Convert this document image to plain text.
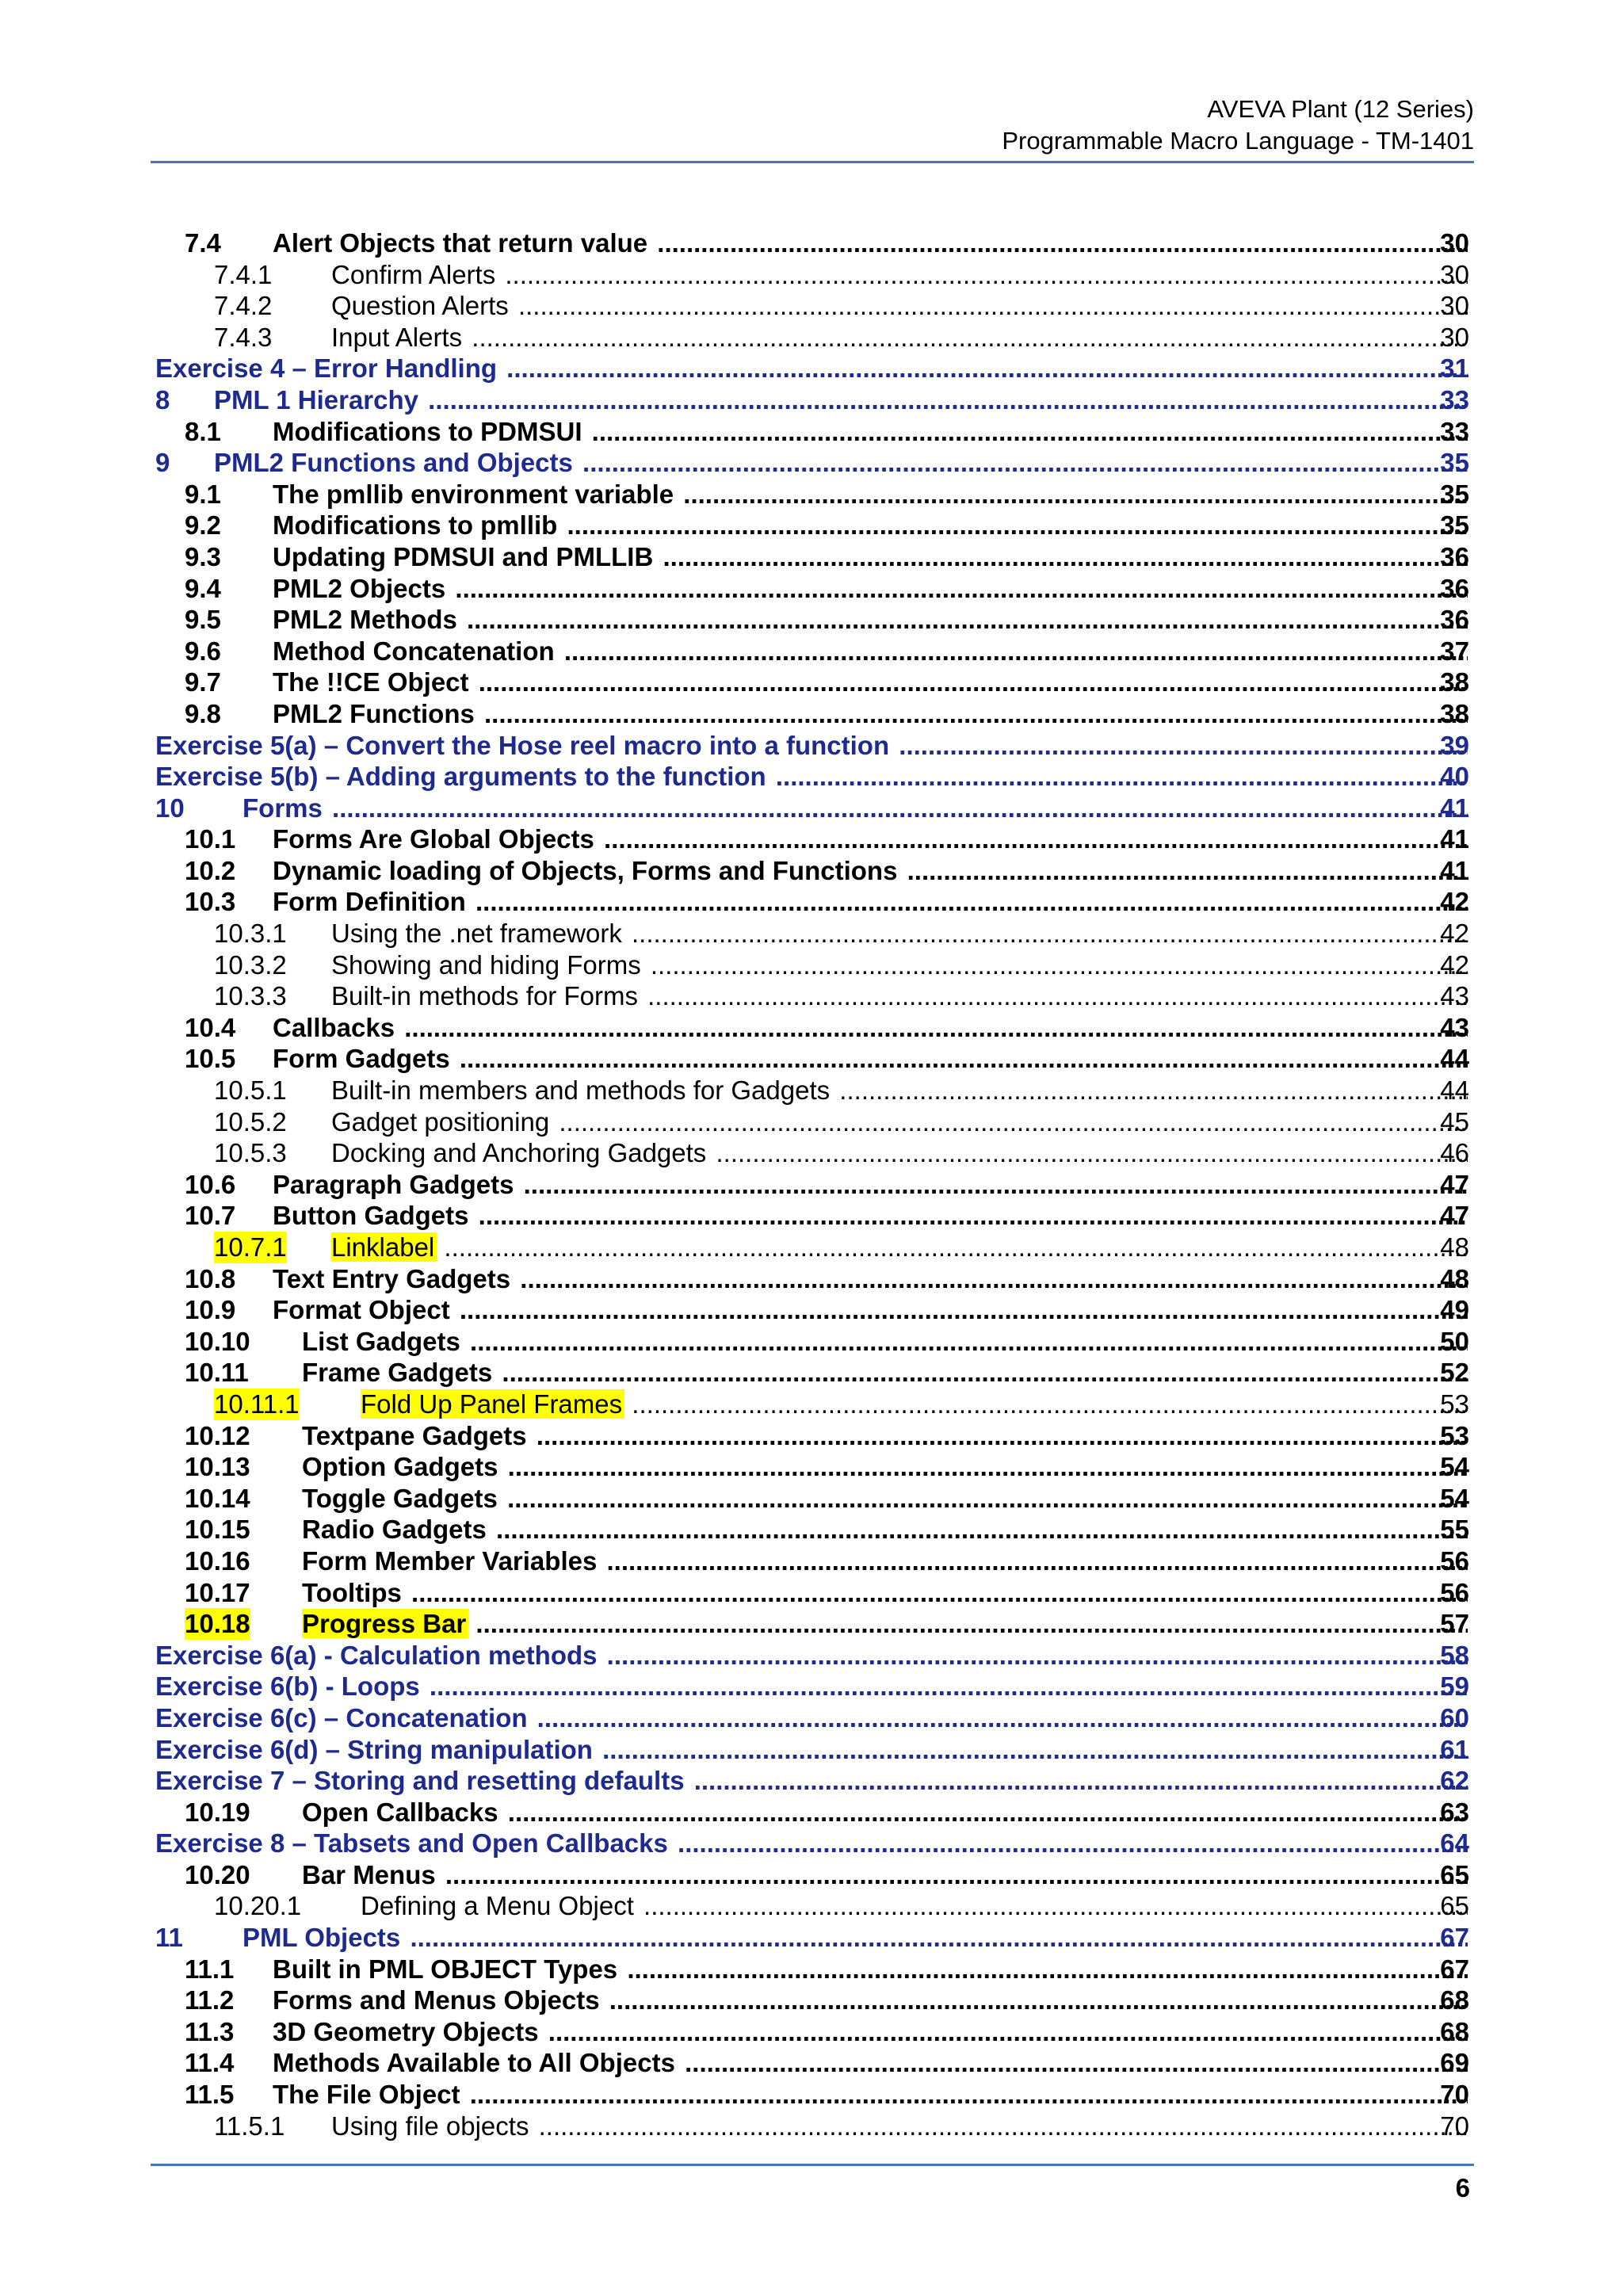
AVEVA Plant (12 Series)
Programmable Macro Language - TM-1401
7.4 Alert Objects that return value .....	30
7.4.1 Confirm Alerts .....	30
7.4.2 Question Alerts .....	30
7.4.3 Input Alerts .....	30
Exercise 4 – Error Handling .....	31
8 PML 1 Hierarchy .....	33
8.1 Modifications to PDMSUI .....	33
9 PML2 Functions and Objects .....	35
9.1 The pmllib environment variable .....	35
9.2 Modifications to pmllib .....	35
9.3 Updating PDMSUI and PMLLIB .....	36
9.4 PML2 Objects .....	36
9.5 PML2 Methods .....	36
9.6 Method Concatenation .....	37
9.7 The !!CE Object .....	38
9.8 PML2 Functions .....	38
Exercise 5(a) – Convert the Hose reel macro into a function .....	39
Exercise 5(b) – Adding arguments to the function .....	40
10 Forms .....	41
10.1 Forms Are Global Objects .....	41
10.2 Dynamic loading of Objects, Forms and Functions .....	41
10.3 Form Definition .....	42
10.3.1 Using the .net framework .....	42
10.3.2 Showing and hiding Forms .....	42
10.3.3 Built-in methods for Forms .....	43
10.4 Callbacks .....	43
10.5 Form Gadgets .....	44
10.5.1 Built-in members and methods for Gadgets .....	44
10.5.2 Gadget positioning .....	45
10.5.3 Docking and Anchoring Gadgets .....	46
10.6 Paragraph Gadgets .....	47
10.7 Button Gadgets .....	47
10.7.1 Linklabel .....	48
10.8 Text Entry Gadgets .....	48
10.9 Format Object .....	49
10.10 List Gadgets .....	50
10.11 Frame Gadgets .....	52
10.11.1 Fold Up Panel Frames .....	53
10.12 Textpane Gadgets .....	53
10.13 Option Gadgets .....	54
10.14 Toggle Gadgets .....	54
10.15 Radio Gadgets .....	55
10.16 Form Member Variables .....	56
10.17 Tooltips .....	56
10.18 Progress Bar .....	57
Exercise 6(a) - Calculation methods .....	58
Exercise 6(b) - Loops .....	59
Exercise 6(c) – Concatenation .....	60
Exercise 6(d) – String manipulation .....	61
Exercise 7 – Storing and resetting defaults .....	62
10.19 Open Callbacks .....	63
Exercise 8 – Tabsets and Open Callbacks .....	64
10.20 Bar Menus .....	65
10.20.1 Defining a Menu Object .....	65
11 PML Objects .....	67
11.1 Built in PML OBJECT Types .....	67
11.2 Forms and Menus Objects .....	68
11.3 3D Geometry Objects .....	68
11.4 Methods Available to All Objects .....	69
11.5 The File Object .....	70
11.5.1 Using file objects .....	70
6
